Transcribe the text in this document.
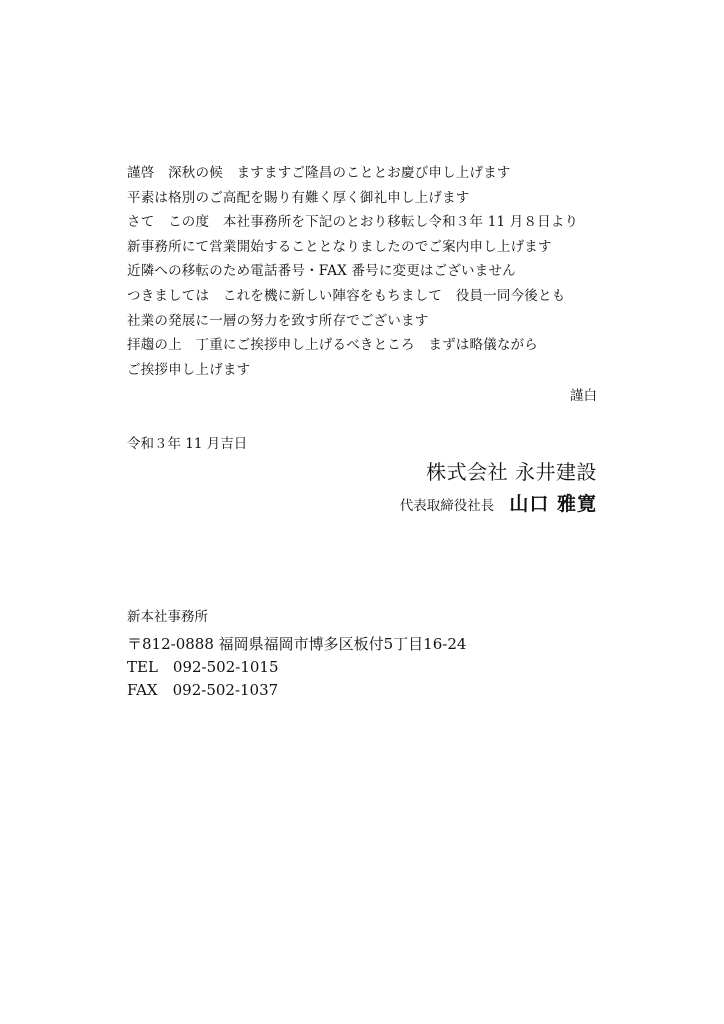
謹啓　深秋の候　ますますご隆昌のこととお慶び申し上げます
平素は格別のご高配を賜り有難く厚く御礼申し上げます
さて　この度　本社事務所を下記のとおり移転し令和３年 11 月８日より
新事務所にて営業開始することとなりましたのでご案内申し上げます
近隣への移転のため電話番号・FAX 番号に変更はございません
つきましては　これを機に新しい陣容をもちまして　役員一同今後とも
社業の発展に一層の努力を致す所存でございます
拝趨の上　丁重にご挨拶申し上げるべきところ　まずは略儀ながら
ご挨拶申し上げます
謹白
令和３年 11 月吉日
株式会社 永井建設
代表取締役社長 山口 雅寛
新本社事務所
〒812-0888 福岡県福岡市博多区板付5丁目16-24
TEL　092-502-1015
FAX　092-502-1037
